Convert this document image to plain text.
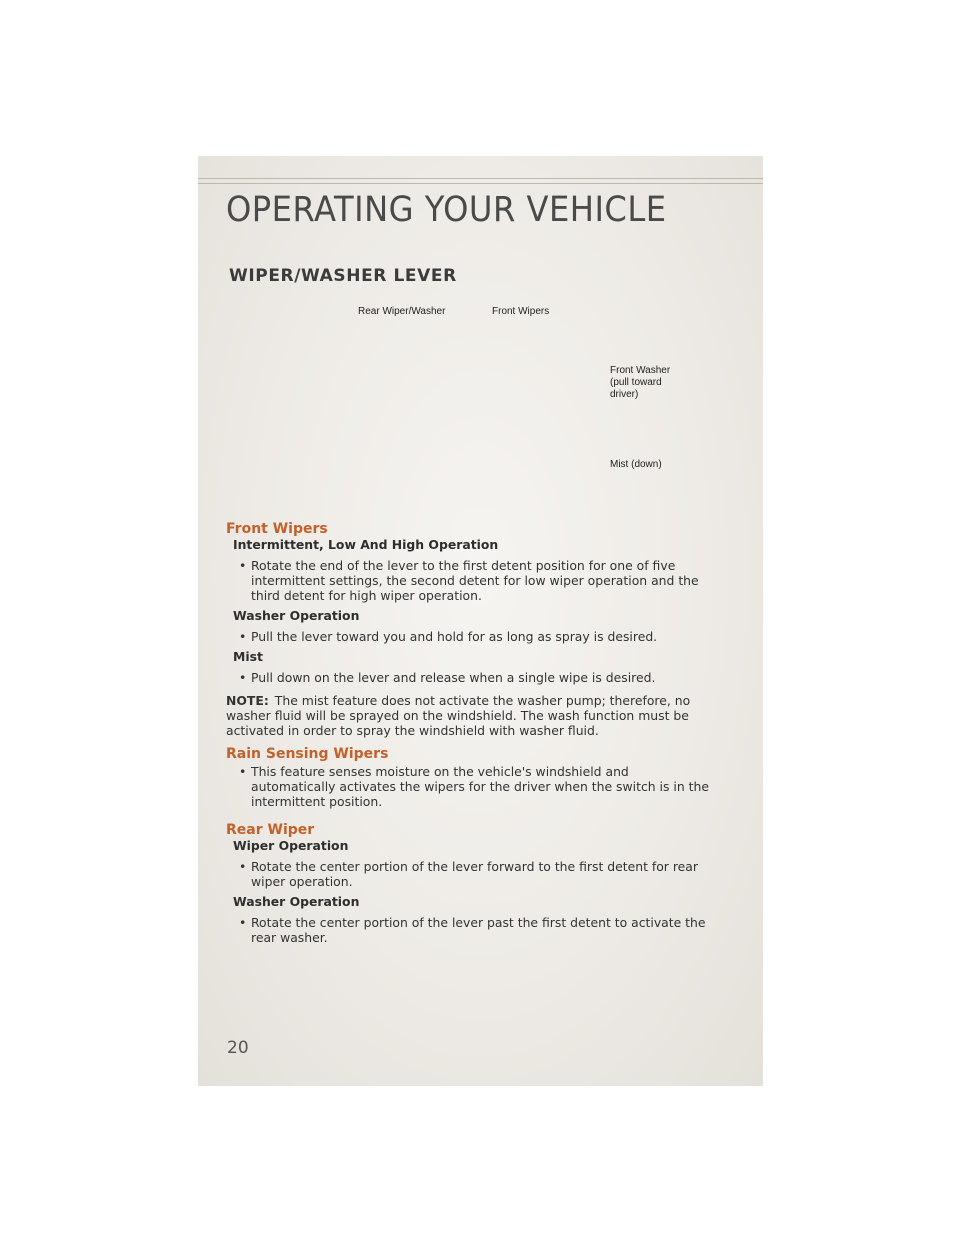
OPERATING YOUR VEHICLE
WIPER/WASHER LEVER
Rear Wiper/Washer	Front Wipers
Front Washer
(pull toward
driver)
Mist (down)
Front Wipers
Intermittent, Low And High Operation
• Rotate the end of the lever to the first detent position for one of five intermittent settings, the second detent for low wiper operation and the third detent for high wiper operation.
Washer Operation
• Pull the lever toward you and hold for as long as spray is desired.
Mist
• Pull down on the lever and release when a single wipe is desired.
NOTE: The mist feature does not activate the washer pump; therefore, no washer fluid will be sprayed on the windshield. The wash function must be activated in order to spray the windshield with washer fluid.
Rain Sensing Wipers
• This feature senses moisture on the vehicle's windshield and automatically activates the wipers for the driver when the switch is in the intermittent position.
Rear Wiper
Wiper Operation
• Rotate the center portion of the lever forward to the first detent for rear wiper operation.
Washer Operation
• Rotate the center portion of the lever past the first detent to activate the rear washer.
20
